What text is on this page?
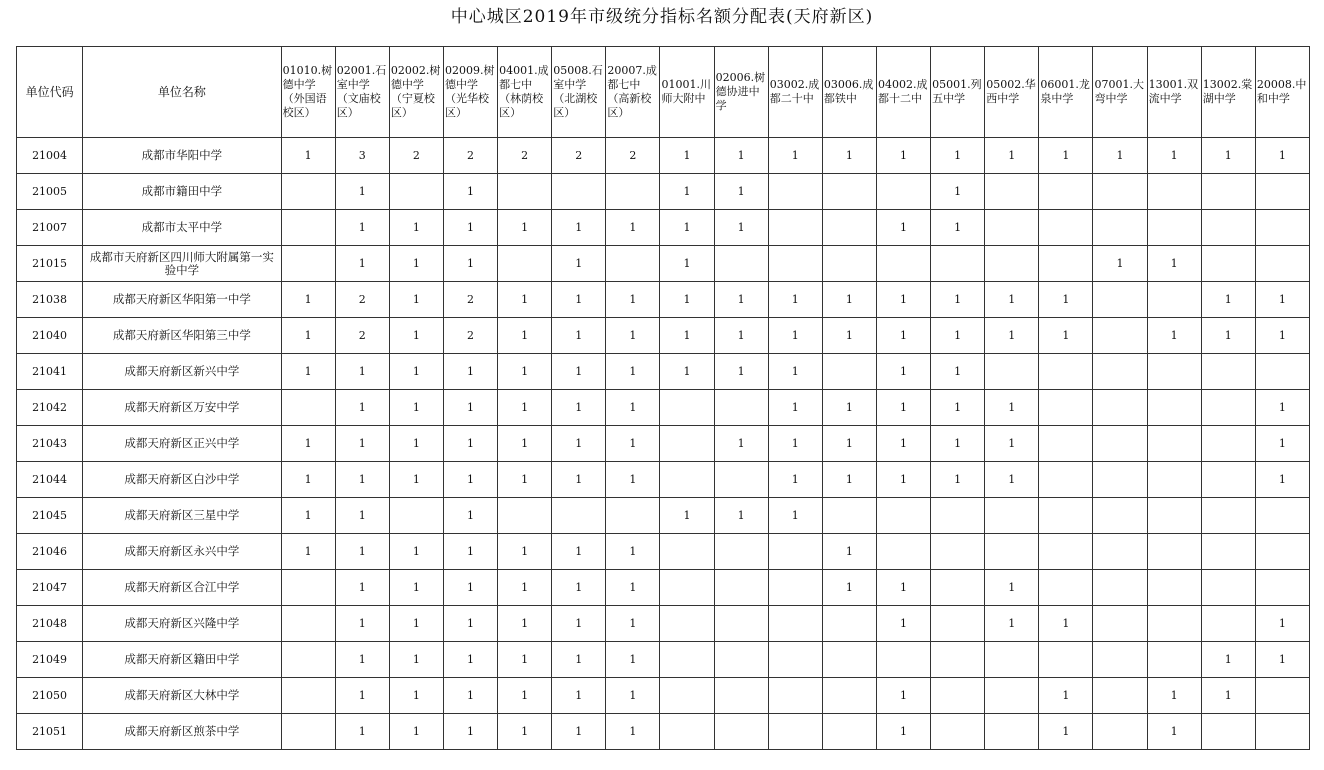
中心城区2019年市级统分指标名额分配表(天府新区)
单位代码	单位名称	01010.树德中学（外国语校区）	02001.石室中学（文庙校区）	02002.树德中学（宁夏校区）	02009.树德中学（光华校区）	04001.成都七中（林荫校区）	05008.石室中学（北湖校区）	20007.成都七中（高新校区）	01001.川师大附中	02006.树德协进中学	03002.成都二十中	03006.成都铁中	04002.成都十二中	05001.列五中学	05002.华西中学	06001.龙泉中学	07001.大弯中学	13001.双流中学	13002.棠湖中学	20008.中和中学
21004	成都市华阳中学	1	3	2	2	2	2	2	1	1	1	1	1	1	1	1	1	1	1	1
21005	成都市籍田中学		1		1				1	1				1						
21007	成都市太平中学		1	1	1	1	1	1	1	1			1	1						
21015	成都市天府新区四川师大附属第一实验中学		1	1	1		1		1								1	1		
21038	成都天府新区华阳第一中学	1	2	1	2	1	1	1	1	1	1	1	1	1	1	1			1	1
21040	成都天府新区华阳第三中学	1	2	1	2	1	1	1	1	1	1	1	1	1	1	1		1	1	1
21041	成都天府新区新兴中学	1	1	1	1	1	1	1	1	1	1		1	1						
21042	成都天府新区万安中学		1	1	1	1	1	1			1	1	1	1	1					1
21043	成都天府新区正兴中学	1	1	1	1	1	1	1		1	1	1	1	1	1					1
21044	成都天府新区白沙中学	1	1	1	1	1	1	1			1	1	1	1	1					1
21045	成都天府新区三星中学	1	1		1				1	1	1									
21046	成都天府新区永兴中学	1	1	1	1	1	1	1				1								
21047	成都天府新区合江中学		1	1	1	1	1	1				1	1		1					
21048	成都天府新区兴隆中学		1	1	1	1	1	1					1		1	1				1
21049	成都天府新区籍田中学		1	1	1	1	1	1											1	1
21050	成都天府新区大林中学		1	1	1	1	1	1					1			1		1	1	
21051	成都天府新区煎茶中学		1	1	1	1	1	1					1			1		1		
